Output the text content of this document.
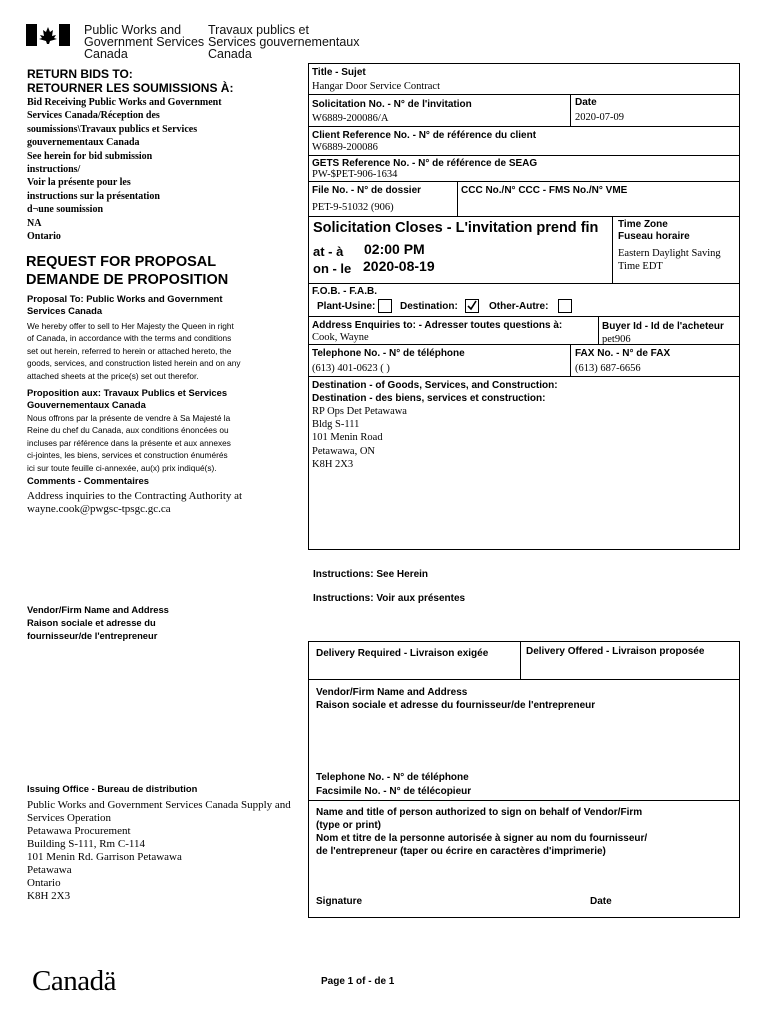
Public Works and
Government Services
Canada
Travaux publics et
Services gouvernementaux
Canada
RETURN BIDS TO:
RETOURNER LES SOUMISSIONS À:
Bid Receiving Public Works and Government
Services Canada/Réception des
soumissions\Travaux publics et Services
gouvernementaux Canada
See herein for bid submission
instructions/
Voir la présente pour les
instructions sur la présentation
d¬une soumission
NA
Ontario
REQUEST FOR PROPOSAL
DEMANDE DE PROPOSITION
Proposal To: Public Works and Government
Services Canada
We hereby offer to sell to Her Majesty the Queen in right
of Canada, in accordance with the terms and conditions
set out herein, referred to herein or attached hereto, the
goods, services, and construction listed herein and on any
attached sheets at the price(s) set out therefor.
Proposition aux: Travaux Publics et Services
Gouvernementaux Canada
Nous offrons par la présente de vendre à Sa Majesté la
Reine du chef du Canada, aux conditions énoncées ou
incluses par référence dans la présente et aux annexes
ci-jointes, les biens, services et construction énumérés
ici sur toute feuille ci-annexée, au(x) prix indiqué(s).
Comments - Commentaires
Address inquiries to the Contracting Authority at
wayne.cook@pwgsc-tpsgc.gc.ca
Vendor/Firm Name and Address
Raison sociale et adresse du
fournisseur/de l'entrepreneur
Issuing Office - Bureau de distribution
Public Works and Government Services Canada Supply and
Services Operation
Petawawa Procurement
Building S-111, Rm C-114
101 Menin Rd. Garrison Petawawa
Petawawa
Ontario
K8H 2X3
Canadä
Title - Sujet
Hangar Door Service Contract
Solicitation No. - N° de l'invitation
W6889-200086/A
Date
2020-07-09
Client Reference No. - N° de référence du client
W6889-200086
GETS Reference No. - N° de référence de SEAG
PW-$PET-906-1634
File No. - N° de dossier
PET-9-51032 (906)
CCC No./N° CCC - FMS No./N° VME
Solicitation Closes - L'invitation prend fin
at - à 02:00 PM
on - le 2020-08-19
Time Zone
Fuseau horaire
Eastern Daylight Saving
Time EDT
F.O.B. - F.A.B.
Plant-Usine: Destination:	Other-Autre:
Address Enquiries to: - Adresser toutes questions à:
Cook, Wayne
Buyer Id - Id de l'acheteur
pet906
Telephone No. - N° de téléphone
(613) 401-0623 ( )
FAX No. - N° de FAX
(613) 687-6656
Destination - of Goods, Services, and Construction:
Destination - des biens, services et construction:
RP Ops Det Petawawa
Bldg S-111
101 Menin Road
Petawawa, ON
K8H 2X3
Instructions: See Herein
Instructions: Voir aux présentes
Delivery Required - Livraison exigée	Delivery Offered - Livraison proposée
Vendor/Firm Name and Address
Raison sociale et adresse du fournisseur/de l'entrepreneur
Telephone No. - N° de téléphone
Facsimile No. - N° de télécopieur
Name and title of person authorized to sign on behalf of Vendor/Firm
(type or print)
Nom et titre de la personne autorisée à signer au nom du fournisseur/
de l'entrepreneur (taper ou écrire en caractères d'imprimerie)
Signature	Date
Page 1 of - de 1
